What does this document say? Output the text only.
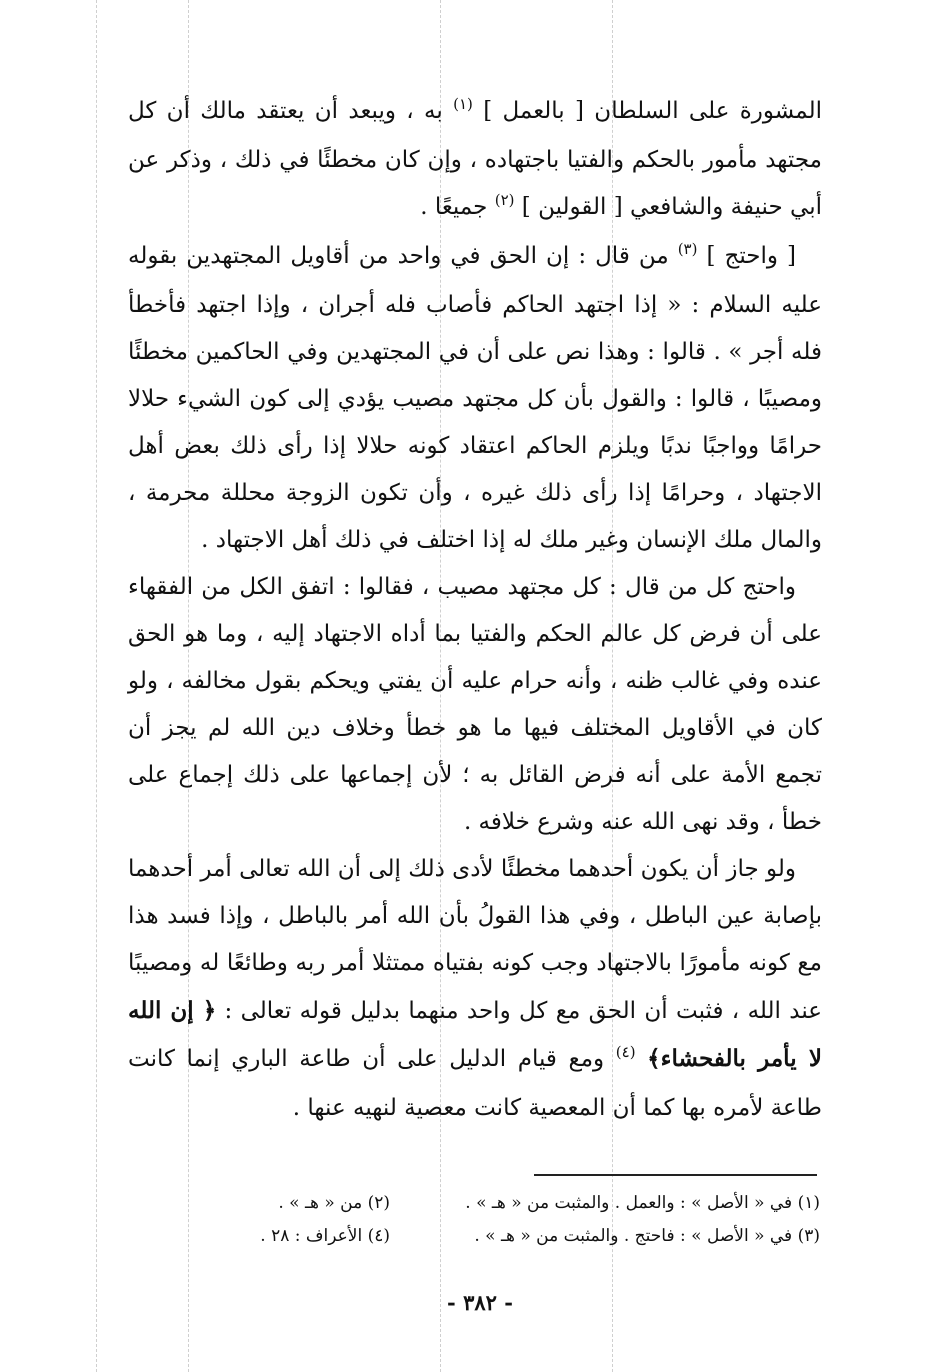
المشورة على السلطان [ بالعمل ] $^{(١)}$ به ، ويبعد أن يعتقد مالك أن كل مجتهد مأمور بالحكم والفتيا باجتهاده ، وإن كان مخطئًا في ذلك ، وذكر عن أبي حنيفة والشافعي [ القولين ] $^{(٢)}$ جميعًا .

[ واحتج ] $^{(٣)}$ من قال : إن الحق في واحد من أقاويل المجتهدين بقوله عليه السلام : « إذا اجتهد الحاكم فأصاب فله أجران ، وإذا اجتهد فأخطأ فله أجر » . قالوا : وهذا نص على أن في المجتهدين وفي الحاكمين مخطئًا ومصيبًا ، قالوا : والقول بأن كل مجتهد مصيب يؤدي إلى كون الشيء حلالا حرامًا وواجبًا ندبًا ويلزم الحاكم اعتقاد كونه حلالا إذا رأى ذلك بعض أهل الاجتهاد ، وحرامًا إذا رأى ذلك غيره ، وأن تكون الزوجة محللة محرمة ، والمال ملك الإنسان وغير ملك له إذا اختلف في ذلك أهل الاجتهاد .

واحتج كل من قال : كل مجتهد مصيب ، فقالوا : اتفق الكل من الفقهاء على أن فرض كل عالم الحكم والفتيا بما أداه الاجتهاد إليه ، وما هو الحق عنده وفي غالب ظنه ، وأنه حرام عليه أن يفتي ويحكم بقول مخالفه ، ولو كان في الأقاويل المختلف فيها ما هو خطأ وخلاف دين الله لم يجز أن تجمع الأمة على أنه فرض القائل به ؛ لأن إجماعها على ذلك إجماع على خطأ ، وقد نهى الله عنه وشرع خلافه .

ولو جاز أن يكون أحدهما مخطئًا لأدى ذلك إلى أن الله تعالى أمر أحدهما بإصابة عين الباطل ، وفي هذا القولُ بأن الله أمر بالباطل ، وإذا فسد هذا مع كونه مأمورًا بالاجتهاد وجب كونه بفتياه ممتثلا أمر ربه وطائعًا له ومصيبًا عند الله ، فثبت أن الحق مع كل واحد منهما بدليل قوله تعالى : ﴿ إن الله لا يأمر بالفحشاء﴾ $^{(٤)}$ ومع قيام الدليل على أن طاعة الباري إنما كانت طاعة لأمره بها كما أن المعصية كانت معصية لنهيه عنها .

(١) في « الأصل » : والعمل . والمثبت من « هـ » .
(٢) من « هـ » .
(٣) في « الأصل » : فاحتج . والمثبت من « هـ » .
(٤) الأعراف : ٢٨ .
- ٣٨٢ -
